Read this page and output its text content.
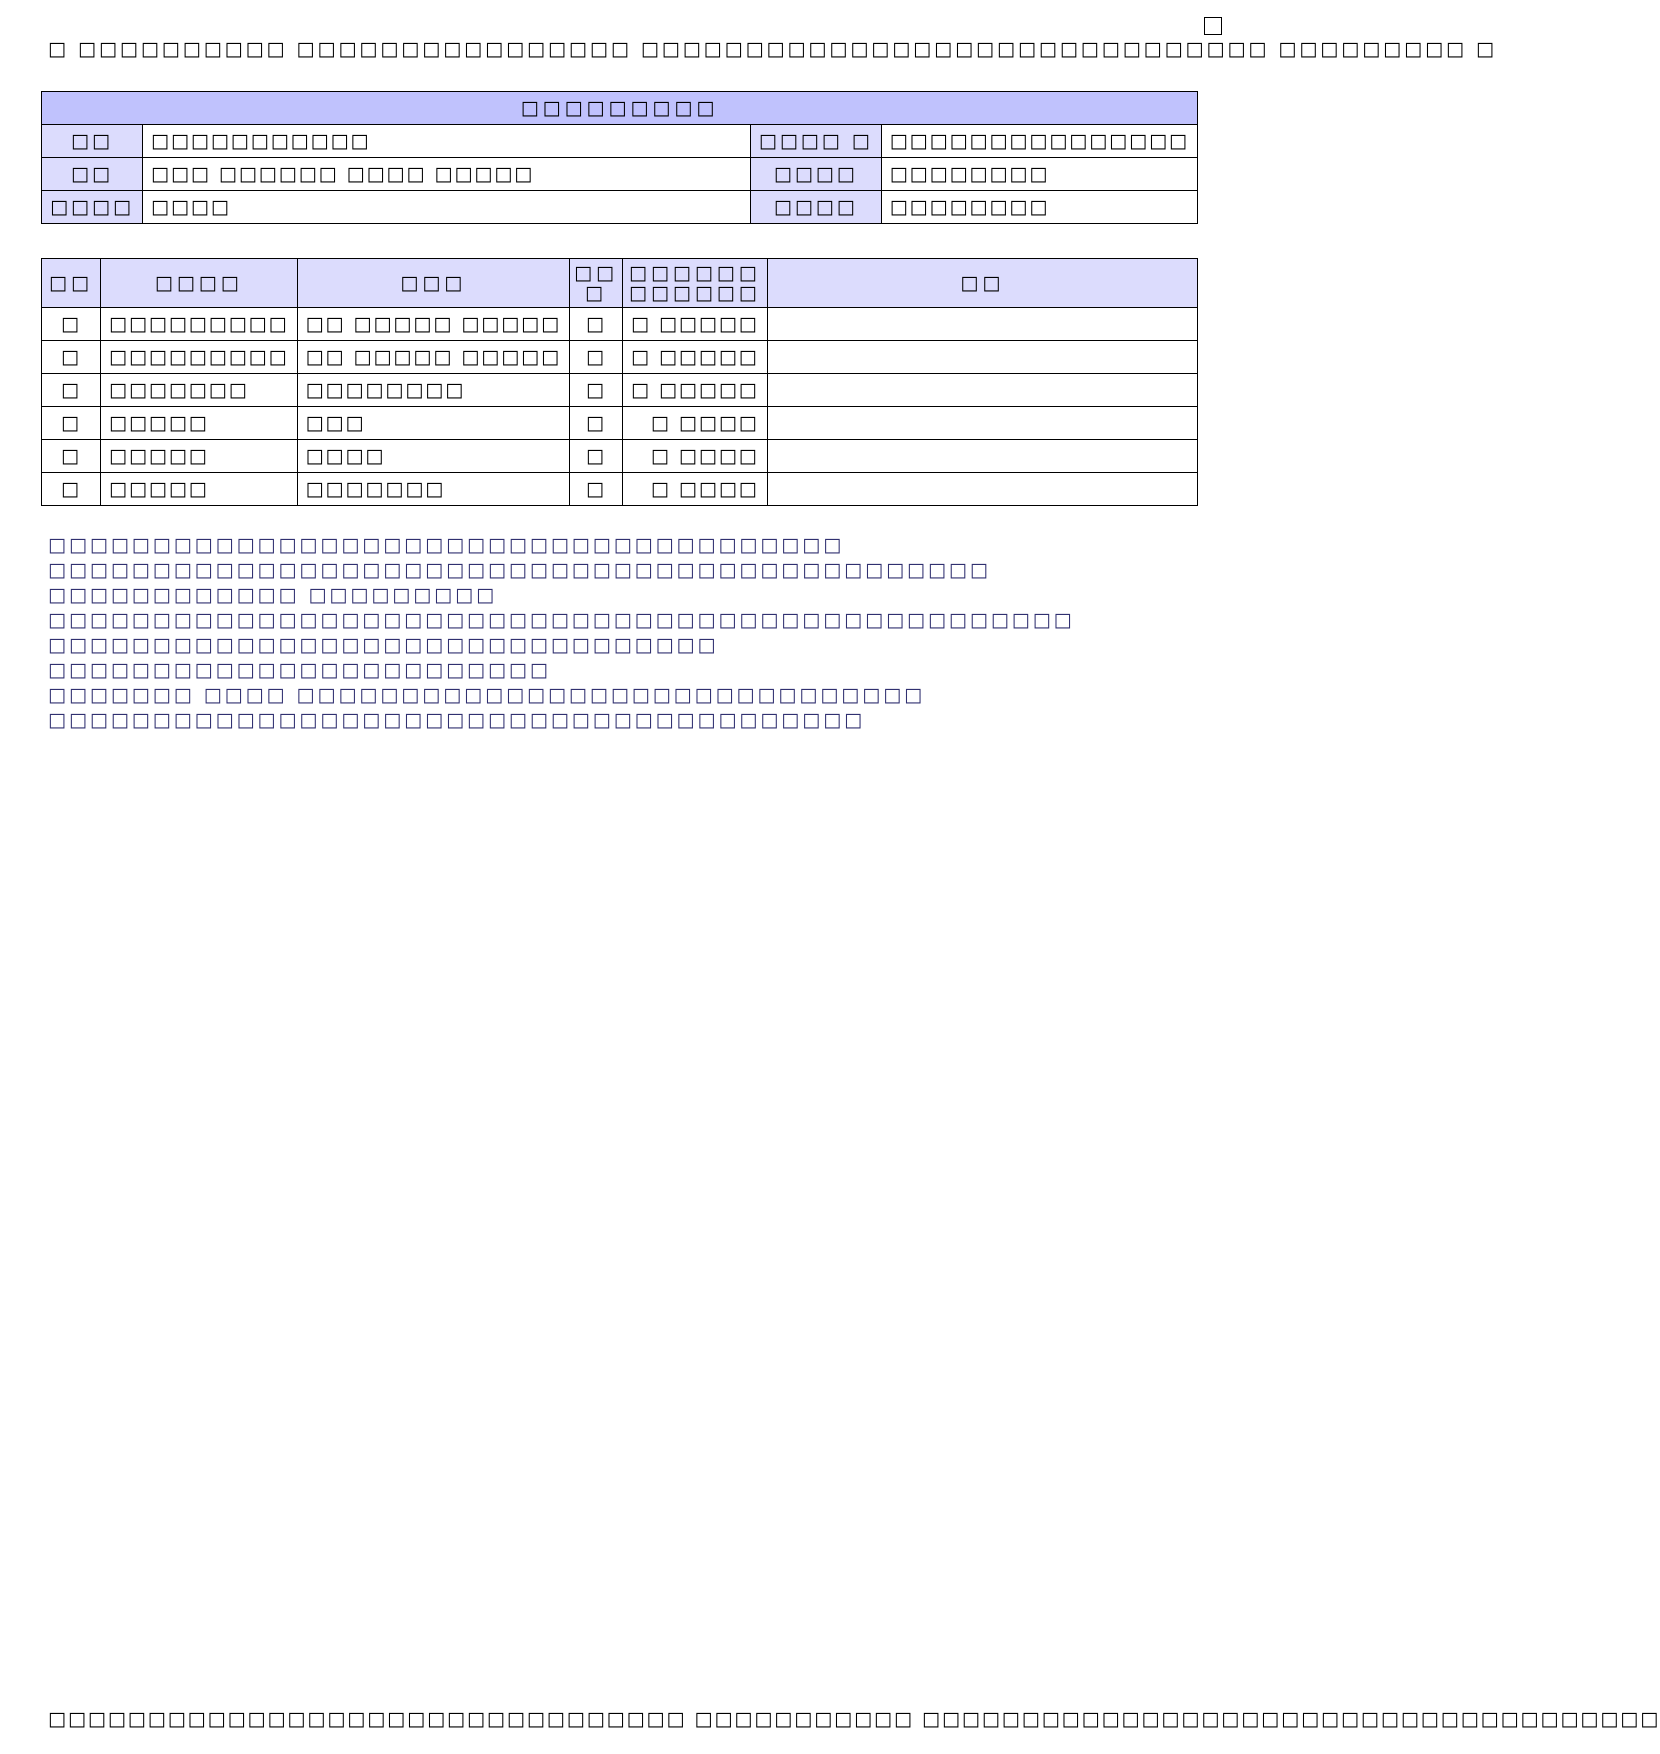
□ □□□□□□□□□□ □□□□□□□□□□□□□□□□ □□□□□□□□□□□□□□□□□□□□□□□□□□□□□□ □□□□□□□□□ □
□□□□□□□□□			
□□	□□□□□□□□□□□	□□□□ □	□□□□□□□□□□□□□□□
□□	□□□ □□□□□□ □□□□ □□□□□	□□□□	□□□□□□□□
□□□□	□□□□	□□□□	□□□□□□□□
□□	□□□□	□□□	□□ □	□□□□□□ □□□□□□	□□
□	□□□□□□□□□	□□ □□□□□ □□□□□	□	□ □□□□□	
□	□□□□□□□□□	□□ □□□□□ □□□□□	□	□ □□□□□	
□	□□□□□□□	□□□□□□□□	□	□ □□□□□	
□	□□□□□	□□□	□	□ □□□□	
□	□□□□□	□□□□	□	□ □□□□	
□	□□□□□	□□□□□□□	□	□ □□□□	
□□□□□□□□□□□□□□□□□□□□□□□□□□□□□□□□□□□□□□
□□□□□□□□□□□□□□□□□□□□□□□□□□□□□□□□□□□□□□□□□□□□□
□□□□□□□□□□□□ □□□□□□□□□
□□□□□□□□□□□□□□□□□□□□□□□□□□□□□□□□□□□□□□□□□□□□□□□□□
□□□□□□□□□□□□□□□□□□□□□□□□□□□□□□□□
□□□□□□□□□□□□□□□□□□□□□□□□
□□□□□□□ □□□□ □□□□□□□□□□□□□□□□□□□□□□□□□□□□□□
□□□□□□□□□□□□□□□□□□□□□□□□□□□□□□□□□□□□□□□
□□□□□□□□□□□□□□□□□□□□□□□□□□□□□□□□ □□□□□□□□□□□ □□□□□□□□□□□□□□□□□□□□□□□□□□□□□□□□□□□□□
